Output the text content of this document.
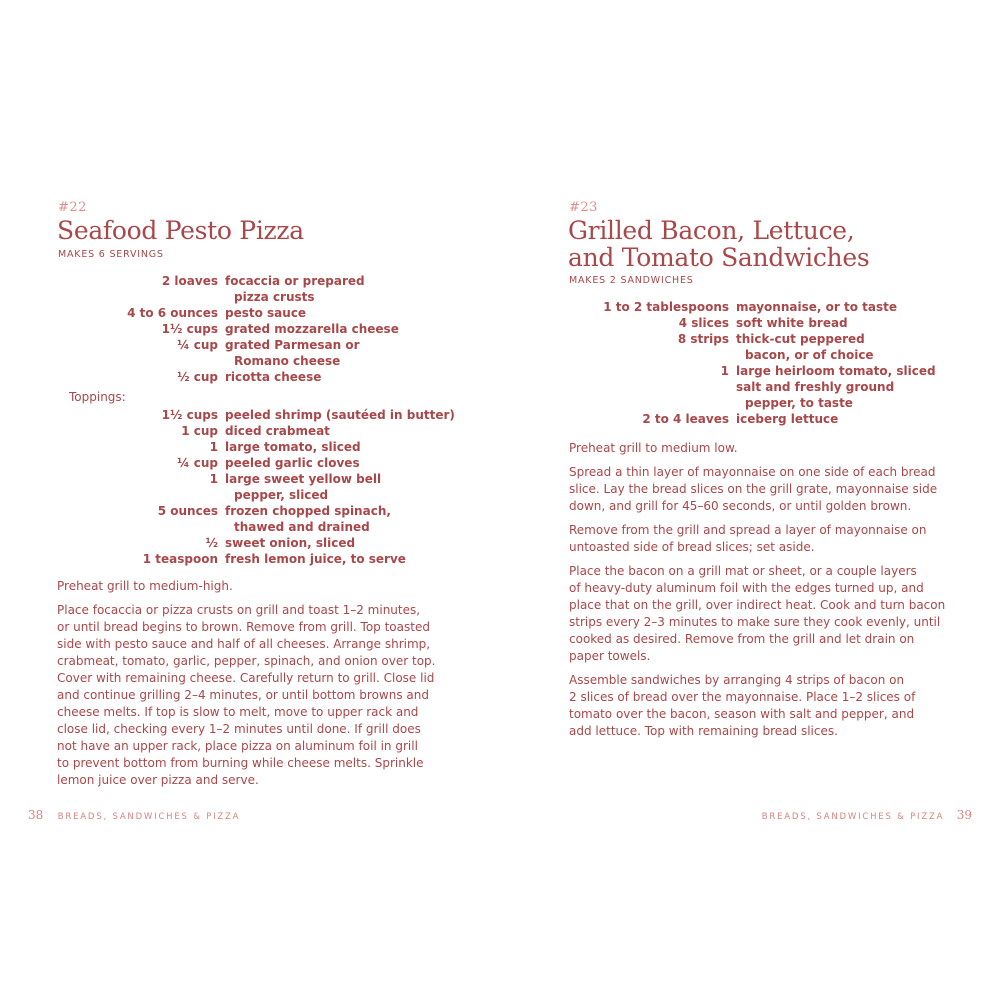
#22
Seafood Pesto Pizza
MAKES 6 SERVINGS
2 loaves focaccia or prepared
pizza crusts
4 to 6 ounces pesto sauce
1½ cups grated mozzarella cheese
¼ cup grated Parmesan or
Romano cheese
½ cup ricotta cheese
Toppings:
1½ cups peeled shrimp (sautéed in butter)
1 cup diced crabmeat
1 large tomato, sliced
¼ cup peeled garlic cloves
1 large sweet yellow bell
pepper, sliced
5 ounces frozen chopped spinach,
thawed and drained
½ sweet onion, sliced
1 teaspoon fresh lemon juice, to serve
Preheat grill to medium-high.
Place focaccia or pizza crusts on grill and toast 1–2 minutes,
or until bread begins to brown. Remove from grill. Top toasted
side with pesto sauce and half of all cheeses. Arrange shrimp,
crabmeat, tomato, garlic, pepper, spinach, and onion over top.
Cover with remaining cheese. Carefully return to grill. Close lid
and continue grilling 2–4 minutes, or until bottom browns and
cheese melts. If top is slow to melt, move to upper rack and
close lid, checking every 1–2 minutes until done. If grill does
not have an upper rack, place pizza on aluminum foil in grill
to prevent bottom from burning while cheese melts. Sprinkle
lemon juice over pizza and serve.
38 BREADS, SANDWICHES & PIZZA
#23
Grilled Bacon, Lettuce,
and Tomato Sandwiches
MAKES 2 SANDWICHES
1 to 2 tablespoons mayonnaise, or to taste
4 slices soft white bread
8 strips thick-cut peppered
bacon, or of choice
1 large heirloom tomato, sliced
salt and freshly ground
pepper, to taste
2 to 4 leaves iceberg lettuce
Preheat grill to medium low.
Spread a thin layer of mayonnaise on one side of each bread
slice. Lay the bread slices on the grill grate, mayonnaise side
down, and grill for 45–60 seconds, or until golden brown.
Remove from the grill and spread a layer of mayonnaise on
untoasted side of bread slices; set aside.
Place the bacon on a grill mat or sheet, or a couple layers
of heavy-duty aluminum foil with the edges turned up, and
place that on the grill, over indirect heat. Cook and turn bacon
strips every 2–3 minutes to make sure they cook evenly, until
cooked as desired. Remove from the grill and let drain on
paper towels.
Assemble sandwiches by arranging 4 strips of bacon on
2 slices of bread over the mayonnaise. Place 1–2 slices of
tomato over the bacon, season with salt and pepper, and
add lettuce. Top with remaining bread slices.
BREADS, SANDWICHES & PIZZA 39
